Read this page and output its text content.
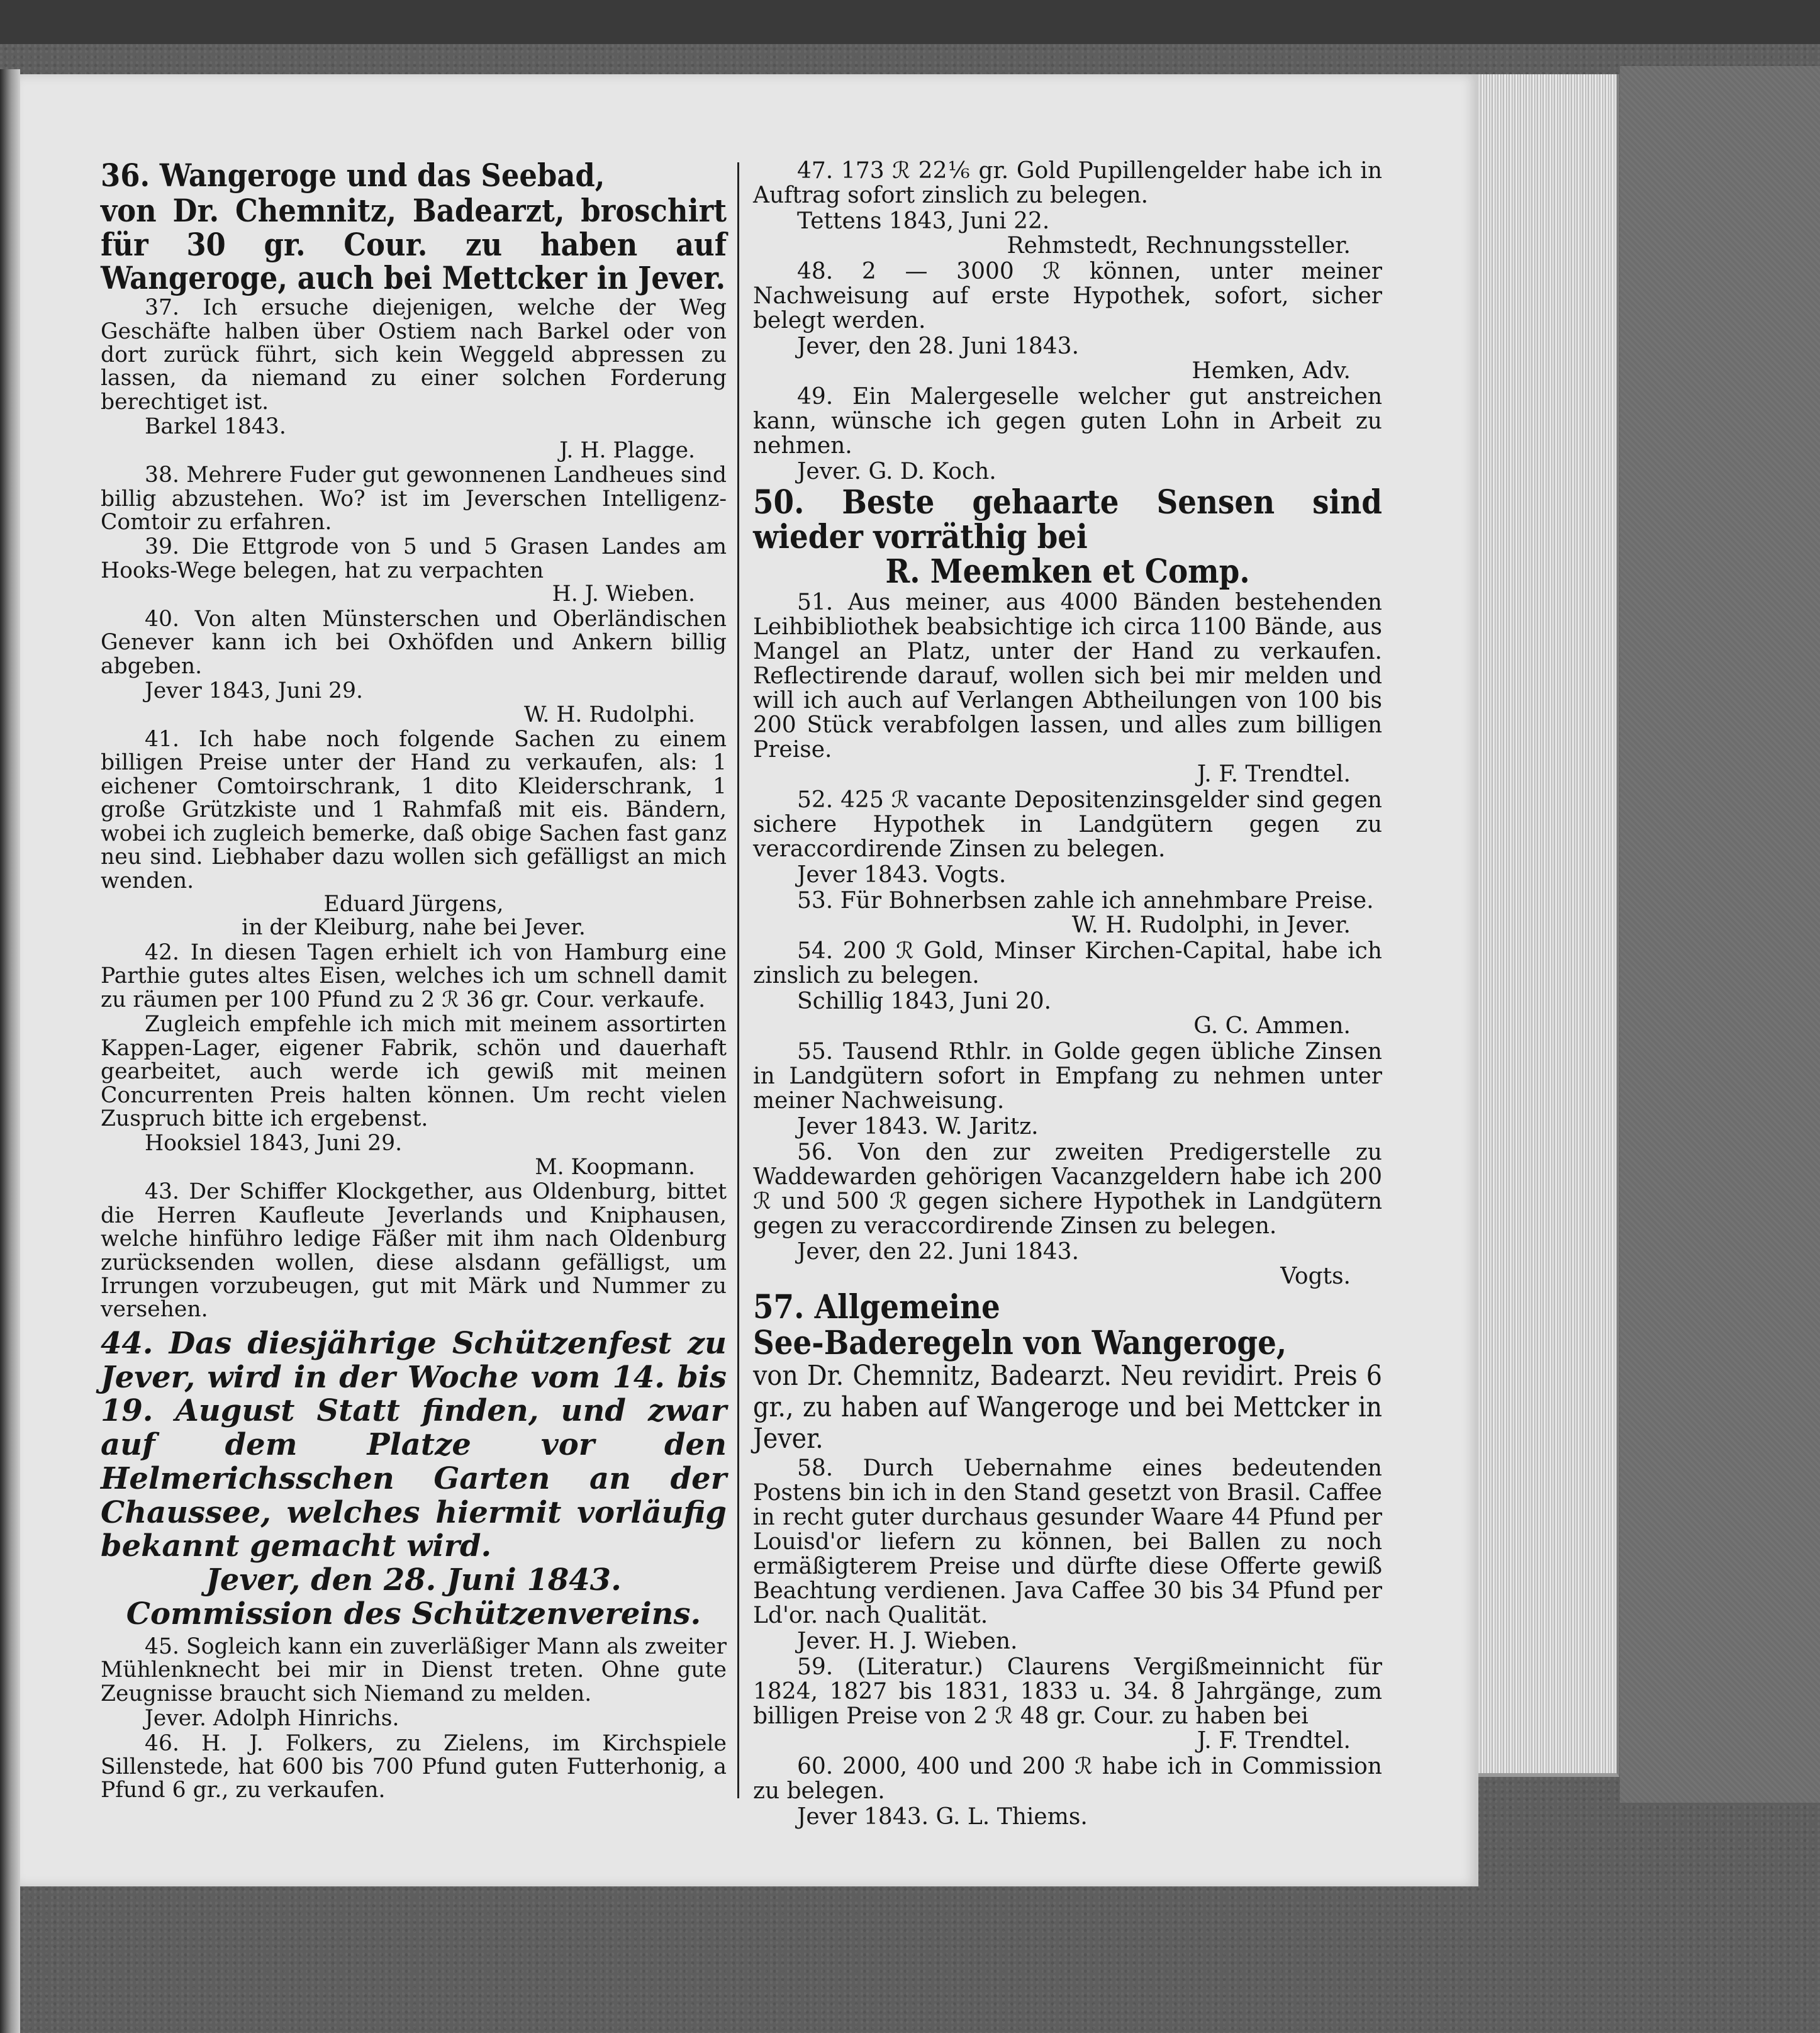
36. Wangeroge und das Seebad,

von Dr. Chemnitz, Badearzt, broschirt für 30 gr. Cour. zu haben auf Wangeroge, auch bei Mettcker in Jever.

37. Ich ersuche diejenigen, welche der Weg Geschäfte halben über Ostiem nach Barkel oder von dort zurück führt, sich kein Weggeld abpressen zu lassen, da niemand zu einer solchen Forderung berechtiget ist.

Barkel 1843.

J. H. Plagge.

38. Mehrere Fuder gut gewonnenen Landheues sind billig abzustehen. Wo? ist im Jeverschen Intelligenz-Comtoir zu erfahren.

39. Die Ettgrode von 5 und 5 Grasen Landes am Hooks-Wege belegen, hat zu verpachten

H. J. Wieben.

40. Von alten Münsterschen und Oberländischen Genever kann ich bei Oxhöfden und Ankern billig abgeben.

Jever 1843, Juni 29.

W. H. Rudolphi.

41. Ich habe noch folgende Sachen zu einem billigen Preise unter der Hand zu verkaufen, als: 1 eichener Comtoirschrank, 1 dito Kleiderschrank, 1 große Grützkiste und 1 Rahmfaß mit eis. Bändern, wobei ich zugleich bemerke, daß obige Sachen fast ganz neu sind. Liebhaber dazu wollen sich gefälligst an mich wenden.

Eduard Jürgens,

in der Kleiburg, nahe bei Jever.

42. In diesen Tagen erhielt ich von Hamburg eine Parthie gutes altes Eisen, welches ich um schnell damit zu räumen per 100 Pfund zu 2 ℛ 36 gr. Cour. verkaufe.

Zugleich empfehle ich mich mit meinem assortirten Kappen-Lager, eigener Fabrik, schön und dauerhaft gearbeitet, auch werde ich gewiß mit meinen Concurrenten Preis halten können. Um recht vielen Zuspruch bitte ich ergebenst.

Hooksiel 1843, Juni 29.

M. Koopmann.

43. Der Schiffer Klockgether, aus Oldenburg, bittet die Herren Kaufleute Jeverlands und Kniphausen, welche hinführo ledige Fäßer mit ihm nach Oldenburg zurücksenden wollen, diese alsdann gefälligst, um Irrungen vorzubeugen, gut mit Märk und Nummer zu versehen.

44. Das diesjährige Schützenfest zu Jever, wird in der Woche vom 14. bis 19. August Statt finden, und zwar auf dem Platze vor den Helmerichsschen Garten an der Chaussee, welches hiermit vorläufig bekannt gemacht wird.

Jever, den 28. Juni 1843.

Commission des Schützenvereins.

45. Sogleich kann ein zuverläßiger Mann als zweiter Mühlenknecht bei mir in Dienst treten. Ohne gute Zeugnisse braucht sich Niemand zu melden.

Jever. Adolph Hinrichs.

46. H. J. Folkers, zu Zielens, im Kirchspiele Sillenstede, hat 600 bis 700 Pfund guten Futterhonig, a Pfund 6 gr., zu verkaufen.

47. 173 ℛ 22⅙ gr. Gold Pupillengelder habe ich in Auftrag sofort zinslich zu belegen.

Tettens 1843, Juni 22.

Rehmstedt, Rechnungssteller.

48. 2 — 3000 ℛ können, unter meiner Nachweisung auf erste Hypothek, sofort, sicher belegt werden.

Jever, den 28. Juni 1843.

Hemken, Adv.

49. Ein Malergeselle welcher gut anstreichen kann, wünsche ich gegen guten Lohn in Arbeit zu nehmen.

Jever. G. D. Koch.

50. Beste gehaarte Sensen sind wieder vorräthig bei

R. Meemken et Comp.

51. Aus meiner, aus 4000 Bänden bestehenden Leihbibliothek beabsichtige ich circa 1100 Bände, aus Mangel an Platz, unter der Hand zu verkaufen. Reflectirende darauf, wollen sich bei mir melden und will ich auch auf Verlangen Abtheilungen von 100 bis 200 Stück verabfolgen lassen, und alles zum billigen Preise.

J. F. Trendtel.

52. 425 ℛ vacante Depositenzinsgelder sind gegen sichere Hypothek in Landgütern gegen zu veraccordirende Zinsen zu belegen.

Jever 1843. Vogts.

53. Für Bohnerbsen zahle ich annehmbare Preise.

W. H. Rudolphi, in Jever.

54. 200 ℛ Gold, Minser Kirchen-Capital, habe ich zinslich zu belegen.

Schillig 1843, Juni 20.

G. C. Ammen.

55. Tausend Rthlr. in Golde gegen übliche Zinsen in Landgütern sofort in Empfang zu nehmen unter meiner Nachweisung.

Jever 1843. W. Jaritz.

56. Von den zur zweiten Predigerstelle zu Waddewarden gehörigen Vacanzgeldern habe ich 200 ℛ und 500 ℛ gegen sichere Hypothek in Landgütern gegen zu veraccordirende Zinsen zu belegen.

Jever, den 22. Juni 1843.

Vogts.

57. Allgemeine

See-Baderegeln von Wangeroge,

von Dr. Chemnitz, Badearzt. Neu revidirt. Preis 6 gr., zu haben auf Wangeroge und bei Mettcker in Jever.

58. Durch Uebernahme eines bedeutenden Postens bin ich in den Stand gesetzt von Brasil. Caffee in recht guter durchaus gesunder Waare 44 Pfund per Louisd'or liefern zu können, bei Ballen zu noch ermäßigterem Preise und dürfte diese Offerte gewiß Beachtung verdienen. Java Caffee 30 bis 34 Pfund per Ld'or. nach Qualität.

Jever. H. J. Wieben.

59. (Literatur.) Claurens Vergißmeinnicht für 1824, 1827 bis 1831, 1833 u. 34. 8 Jahrgänge, zum billigen Preise von 2 ℛ 48 gr. Cour. zu haben bei

J. F. Trendtel.

60. 2000, 400 und 200 ℛ habe ich in Commission zu belegen.

Jever 1843. G. L. Thiems.
